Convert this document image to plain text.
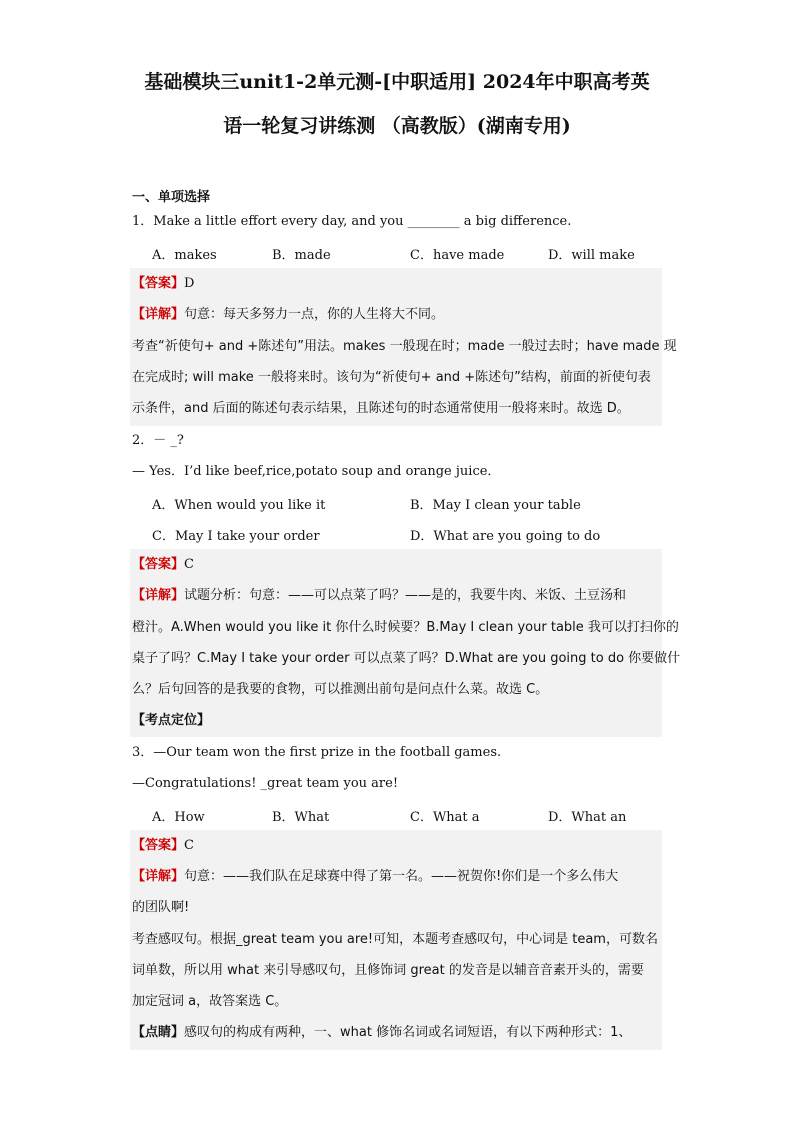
基础模块三unit1-2单元测-[中职适用] 2024年中职高考英
语一轮复习讲练测 （高教版）(湖南专用)
一、单项选择
1．Make a little effort every day, and you ________ a big difference.
A．makes	B．made	C．have made	D．will make
【答案】D
【详解】句意：每天多努力一点，你的人生将大不同。
考查“祈使句+ and +陈述句”用法。makes 一般现在时；made 一般过去时；have made 现
在完成时; will make 一般将来时。该句为“祈使句+ and +陈述句”结构，前面的祈使句表
示条件，and 后面的陈述句表示结果，且陈述句的时态通常使用一般将来时。故选 D。
2．－ _?
— Yes．I’d like beef,rice,potato soup and orange juice．
A．When would you like it	B．May I clean your table
C．May I take your order	D．What are you going to do
【答案】C
【详解】试题分析：句意：——可以点菜了吗？——是的，我要牛肉、米饭、土豆汤和
橙汁。A.When would you like it 你什么时候要？B.May I clean your table 我可以打扫你的
桌子了吗？C.May I take your order 可以点菜了吗？D.What are you going to do 你要做什
么？后句回答的是我要的食物，可以推测出前句是问点什么菜。故选 C。
【考点定位】
3．—Our team won the first prize in the football games.
—Congratulations! _great team you are!
A．How	B．What	C．What a	D．What an
【答案】C
【详解】句意：——我们队在足球赛中得了第一名。——祝贺你!你们是一个多么伟大
的团队啊!
考查感叹句。根据_great team you are!可知，本题考查感叹句，中心词是 team，可数名
词单数，所以用 what 来引导感叹句，且修饰词 great 的发音是以辅音音素开头的，需要
加定冠词 a，故答案选 C。
【点睛】感叹句的构成有两种，一、what 修饰名词或名词短语，有以下两种形式：1、
